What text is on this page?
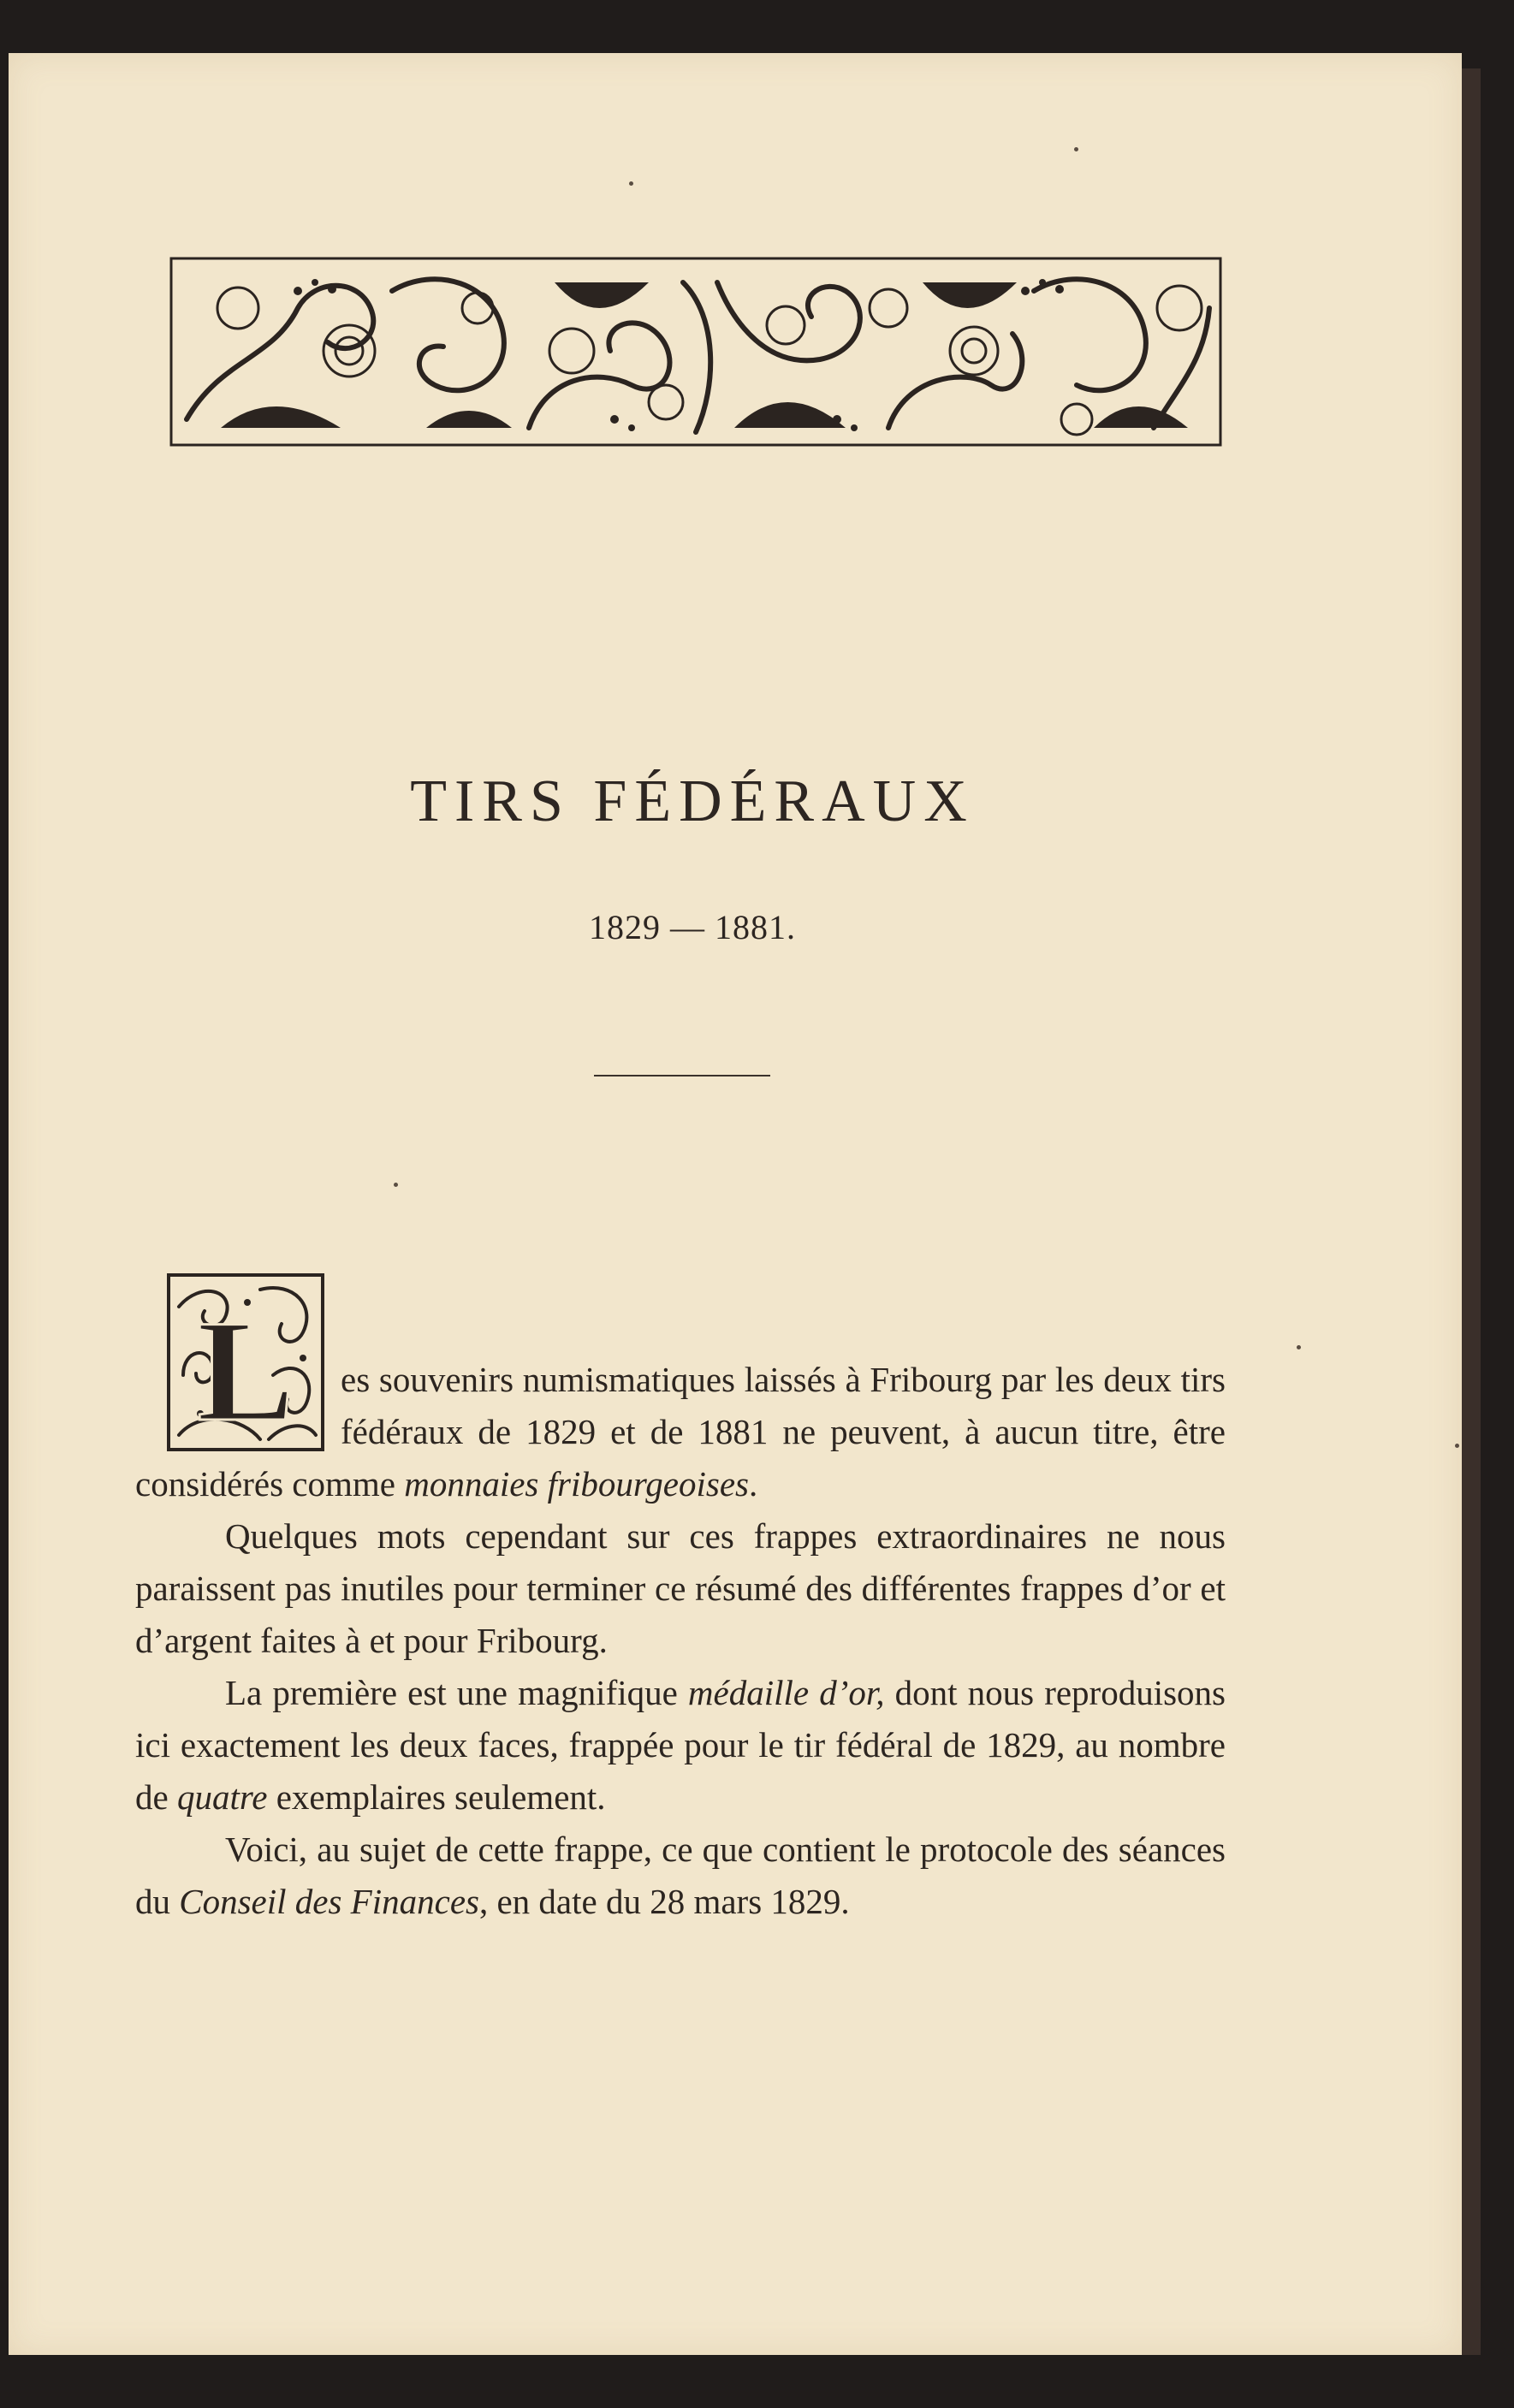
TIRS FÉDÉRAUX
1829 — 1881.
L	es souvenirs numismatiques laissés à Fribourg par les deux tirs fédéraux de 1829 et de 1881 ne peuvent, à aucun titre, être considérés comme monnaies fribourgeoises.

Quelques mots cependant sur ces frappes extraordinaires ne nous paraissent pas inutiles pour terminer ce résumé des différentes frappes d’or et d’argent faites à et pour Fribourg.

La première est une magnifique médaille d’or, dont nous reproduisons ici exactement les deux faces, frappée pour le tir fédéral de 1829, au nombre de quatre exemplaires seulement.

Voici, au sujet de cette frappe, ce que contient le protocole des séances du Conseil des Finances, en date du 28 mars 1829.
